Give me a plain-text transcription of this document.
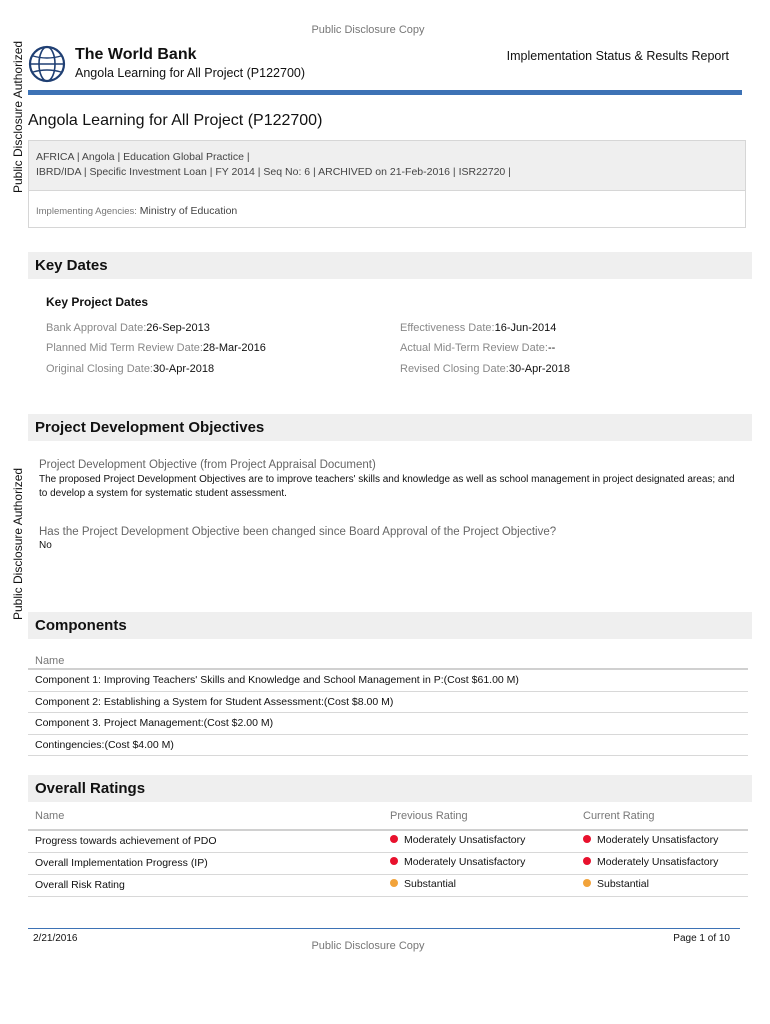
Public Disclosure Authorized
Public Disclosure Authorized
Public Disclosure Copy
The World Bank
Angola Learning for All Project (P122700)
Implementation Status & Results Report
Angola Learning for All Project (P122700)
AFRICA | Angola | Education Global Practice |
IBRD/IDA | Specific Investment Loan | FY 2014 | Seq No: 6 | ARCHIVED on 21-Feb-2016 | ISR22720 |
Implementing Agencies: Ministry of Education
Key Dates
Key Project Dates
Bank Approval Date:26-Sep-2013	Effectiveness Date:16-Jun-2014
Planned Mid Term Review Date:28-Mar-2016	Actual Mid-Term Review Date:--
Original Closing Date:30-Apr-2018	Revised Closing Date:30-Apr-2018
Project Development Objectives
Project Development Objective (from Project Appraisal Document)
The proposed Project Development Objectives are to improve teachers' skills and knowledge as well as school management in project designated areas; and to develop a system for systematic student assessment.
Has the Project Development Objective been changed since Board Approval of the Project Objective?
No
Components
Name
Component 1: Improving Teachers' Skills and Knowledge and School Management in P:(Cost $61.00 M)
Component 2: Establishing a System for Student Assessment:(Cost $8.00 M)
Component 3. Project Management:(Cost $2.00 M)
Contingencies:(Cost $4.00 M)
Overall Ratings
Name	Previous Rating	Current Rating
Progress towards achievement of PDO	Moderately Unsatisfactory	Moderately Unsatisfactory
Overall Implementation Progress (IP)	Moderately Unsatisfactory	Moderately Unsatisfactory
Overall Risk Rating	Substantial	Substantial
2/21/2016	Page 1 of 10
Public Disclosure Copy
